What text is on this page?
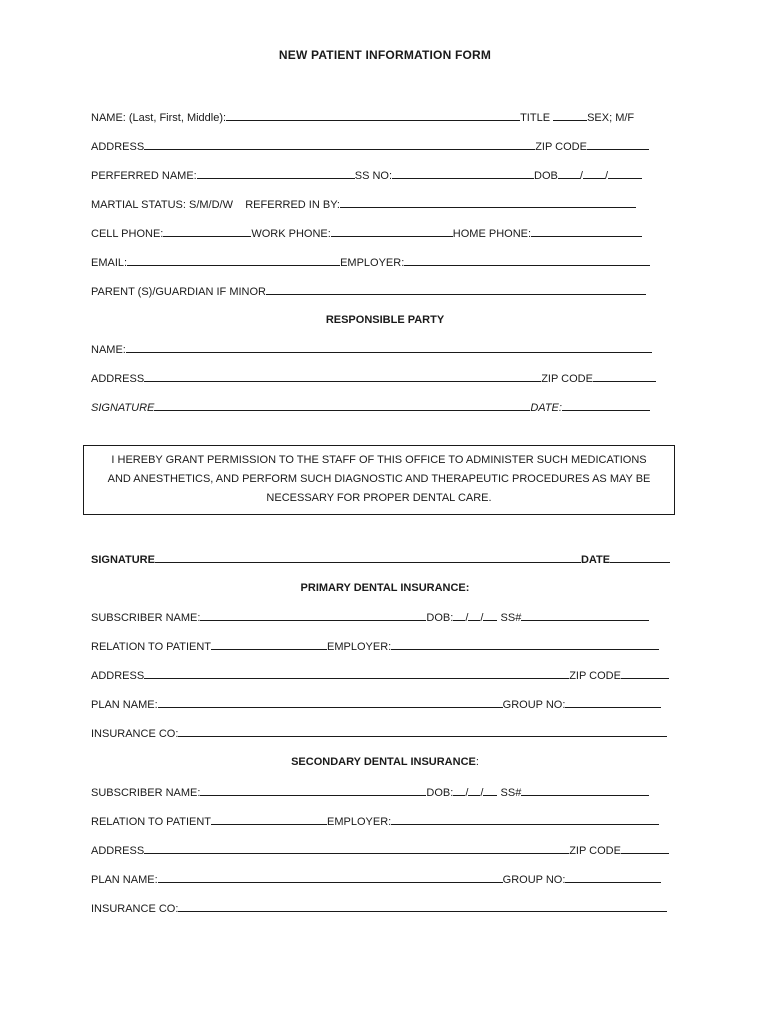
NEW PATIENT INFORMATION FORM
NAME: (Last, First, Middle):	TITLE	SEX; M/F
ADDRESS	ZIP CODE
PERFERRED NAME:	SS NO:	DOB / /
MARTIAL STATUS: S/M/D/W REFERRED IN BY:
CELL PHONE:	WORK PHONE:	HOME PHONE:
EMAIL:	EMPLOYER:
PARENT (S)/GUARDIAN IF MINOR
RESPONSIBLE PARTY
NAME:
ADDRESS	ZIP CODE
SIGNATURE	DATE:
I HEREBY GRANT PERMISSION TO THE STAFF OF THIS OFFICE TO ADMINISTER SUCH MEDICATIONS
AND ANESTHETICS, AND PERFORM SUCH DIAGNOSTIC AND THERAPEUTIC PROCEDURES AS MAY BE
NECESSARY FOR PROPER DENTAL CARE.
SIGNATURE	DATE
PRIMARY DENTAL INSURANCE:
SUBSCRIBER NAME:	DOB: / / SS#
RELATION TO PATIENT	EMPLOYER:
ADDRESS	ZIP CODE
PLAN NAME:	GROUP NO:
INSURANCE CO:
SECONDARY DENTAL INSURANCE:
SUBSCRIBER NAME:	DOB: / / SS#
RELATION TO PATIENT	EMPLOYER:
ADDRESS	ZIP CODE
PLAN NAME:	GROUP NO:
INSURANCE CO:
